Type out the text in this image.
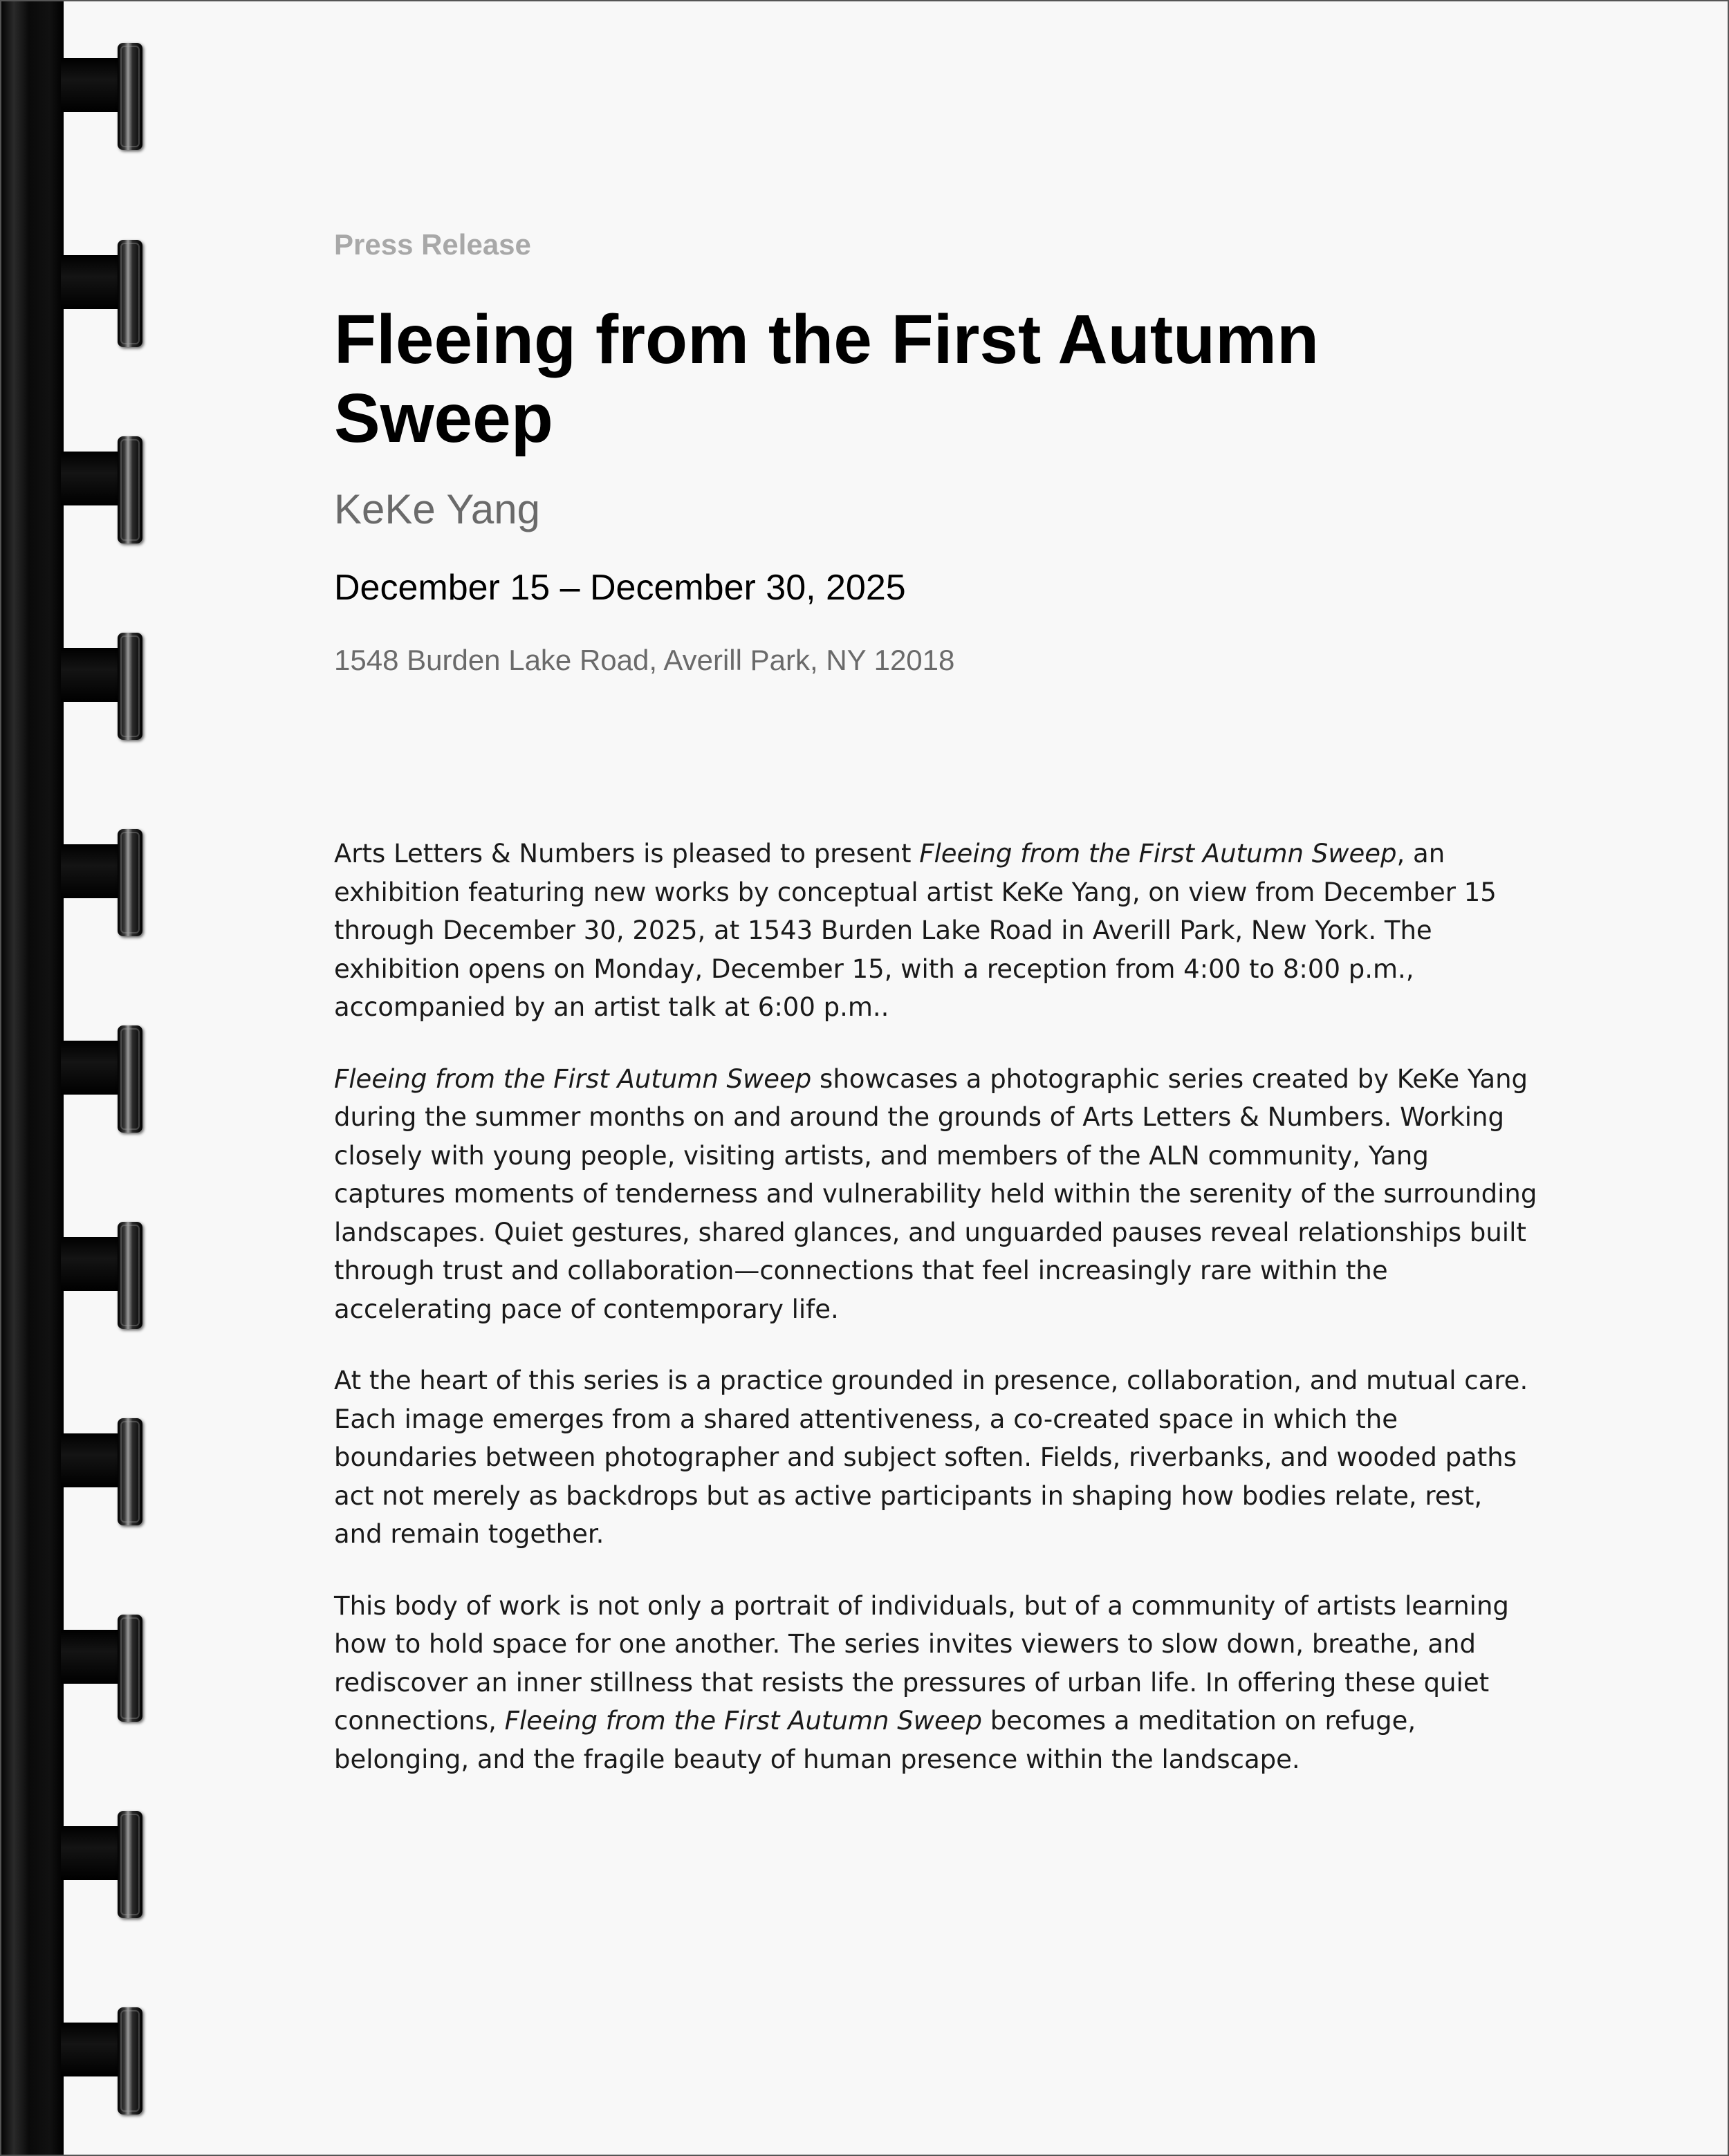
Press Release
Fleeing from the First Autumn Sweep
KeKe Yang
December 15 – December 30, 2025
1548 Burden Lake Road, Averill Park, NY 12018

Arts Letters & Numbers is pleased to present Fleeing from the First Autumn Sweep, an exhibition featuring new works by conceptual artist KeKe Yang, on view from December 15 through December 30, 2025, at 1543 Burden Lake Road in Averill Park, New York. The exhibition opens on Monday, December 15, with a reception from 4:00 to 8:00 p.m., accompanied by an artist talk at 6:00 p.m..

Fleeing from the First Autumn Sweep showcases a photographic series created by KeKe Yang during the summer months on and around the grounds of Arts Letters & Numbers. Working closely with young people, visiting artists, and members of the ALN community, Yang captures moments of tenderness and vulnerability held within the serenity of the surrounding landscapes. Quiet gestures, shared glances, and unguarded pauses reveal relationships built through trust and collaboration—connections that feel increasingly rare within the accelerating pace of contemporary life.

At the heart of this series is a practice grounded in presence, collaboration, and mutual care. Each image emerges from a shared attentiveness, a co-created space in which the boundaries between photographer and subject soften. Fields, riverbanks, and wooded paths act not merely as backdrops but as active participants in shaping how bodies relate, rest, and remain together.

This body of work is not only a portrait of individuals, but of a community of artists learning how to hold space for one another. The series invites viewers to slow down, breathe, and rediscover an inner stillness that resists the pressures of urban life. In offering these quiet connections, Fleeing from the First Autumn Sweep becomes a meditation on refuge, belonging, and the fragile beauty of human presence within the landscape.
